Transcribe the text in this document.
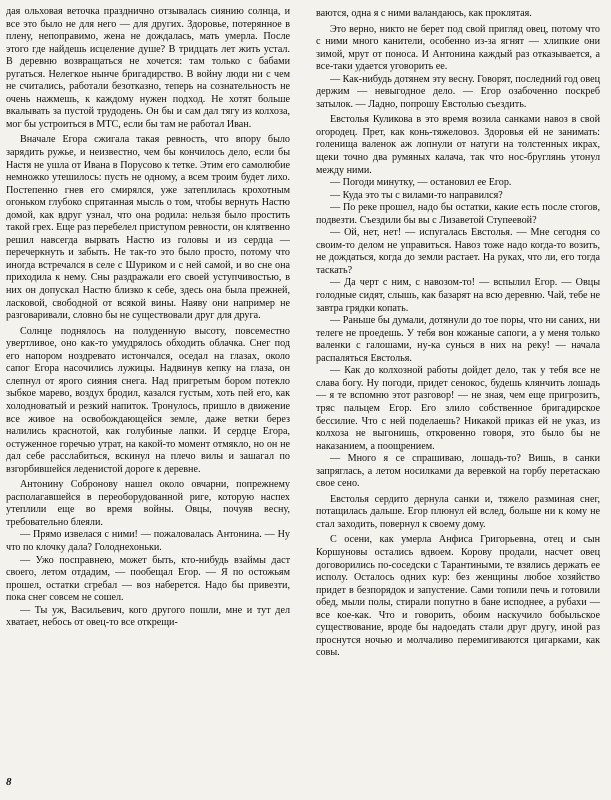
дая ольховая веточка празднично отзывалась сиянию солнца, и все это было не для него — для других. Здоровье, потерянное в плену, непоправимо, жена не дождалась, мать умерла. После этого где найдешь исцеление душе? В тридцать лет жить устал. В деревню возвращаться не хочется: там только с бабами ругаться. Нелегкое нынче бригадирство. В войну люди ни с чем не считались, работали безотказно, теперь на сознательность не очень нажмешь, к каждому нужен подход. Не хотят больше вкалывать за пустой трудодень. Он бы и сам дал тягу из колхоза, мог бы устроиться в МТС, если бы там не работал Иван.

Вначале Егора сжигала такая ревность, что впору было зарядить ружье, и неизвестно, чем бы кончилось дело, если бы Настя не ушла от Ивана в Порусово к тетке. Этим его самолюбие немножко утешилось: пусть не одному, а всем троим будет лихо. Постепенно гнев его смирялся, уже затеплилась крохотным огоньком глубоко спрятанная мысль о том, чтобы вернуть Настю домой, как вдруг узнал, что она родила: нельзя было простить такой грех. Еще раз перебелел приступом ревности, он клятвенно решил навсегда вырвать Настю из головы и из сердца — перечеркнуть и забыть. Не так-то это было просто, потому что иногда встречался в селе с Шуриком и с ней самой, и во сне она приходила к нему. Сны раздражали его своей уступчивостью, в них он допускал Настю близко к себе, здесь она была прежней, ласковой, свободной от всякой вины. Наяву они например не разговаривали, словно бы не существовали друг для друга.

Солнце поднялось на полуденную высоту, повсеместно увертливое, оно как-то умудрялось обходить облачка. Снег под его напором ноздревато истончался, оседал на глазах, около сапог Егора насочились лужицы. Надвинув кепку на глаза, он слепнул от ярого сияния снега. Над пригретым бором потекло зыбкое марево, воздух бродил, казался густым, хоть пей его, как холодноватый и резкий напиток. Тронулось, пришло в движение все живое на освобождающейся земле, даже ветки берез налились краснотой, как голубиные лапки. И сердце Егора, остуженное горечью утрат, на какой-то момент отмякло, но он не дал себе расслабиться, вскинул на плечо вилы и зашагал по взгорбившейся леденистой дороге к деревне.

Антонину Собронову нашел около овчарни, попрежнему располагавшейся в переоборудованной риге, которую наспех утеплили еще во время войны. Овцы, почуяв весну, требовательно блеяли.

— Прямо извелася с ними! — пожаловалась Антонина. — Ну что по клочку дала? Голоднехоньки.

— Ужо посправнею, может быть, кто-нибудь взаймы даст своего, летом отдадим, — пообещал Егор. — Я по остожьям прошел, остатки сгребал — воз наберется. Надо бы привезти, пока снег совсем не сошел.

— Ты уж, Васильевич, кого другого пошли, мне и тут дел хватает, небось от овец-то все открещи-

ваются, одна я с ними валандаюсь, как проклятая.

Это верно, никто не берет под свой пригляд овец, потому что с ними много канители, особенно из-за ягнят — хлипкие они зимой, мрут от поноса. И Антонина каждый раз отказывается, а все-таки удается уговорить ее.

— Как-нибудь дотянем эту весну. Говорят, последний год овец держим — невыгодное дело. — Егор озабоченно поскреб затылок. — Ладно, попрошу Евстолью съездить.

Евстолья Куликова в это время возила санками навоз в свой огородец. Прет, как конь-тяжеловоз. Здоровья ей не занимать: голенища валенок аж лопнули от натуги на толстенных икрах, щеки точно два румяных калача, так что нос-бруглянь утонул между ними.

— Погоди минутку, — остановил ее Егор.

— Куда это ты с вилами-то направился?

— По реке прошел, надо бы остатки, какие есть после стогов, подвезти. Съездили бы вы с Лизаветой Ступеевой?

— Ой, нет, нет! — испугалась Евстолья. — Мне сегодня со своим-то делом не управиться. Навоз тоже надо когда-то возить, не дождаться, когда до земли растает. На руках, что ли, его тогда таскать?

— Да черт с ним, с навозом-то! — вспылил Егор. — Овцы голодные сидят, слышь, как базарят на всю деревню. Чай, тебе не завтра грядки копать.

— Раньше бы думали, дотянули до тое поры, что ни саних, ни телеге не проедешь. У тебя вон кожаные сапоги, а у меня только валенки с галошами, ну-ка сунься в них на реку! — начала распаляться Евстолья.

— Как до колхозной работы дойдет дело, так у тебя все не слава богу. Ну погоди, придет сенокос, будешь клянчить лошадь — я те вспомню этот разговор! — не зная, чем еще пригрозить, тряс пальцем Егор. Его злило собственное бригадирское бессилие. Что с ней поделаешь? Никакой приказ ей не указ, из колхоза не выгонишь, откровенно говоря, это было бы не наказанием, а поощрением.

— Много я се спрашиваю, лошадь-то? Вишь, в санки запряглась, а летом носилками да веревкой на горбу перетаскаю свое сено.

Евстолья сердито дернула санки и, тяжело разминая снег, потащилась дальше. Егор плюнул ей вслед, больше ни к кому не стал заходить, повернул к своему дому.

С осени, как умерла Анфиса Григорьевна, отец и сын Коршуновы остались вдвоем. Корову продали, насчет овец договорились по-соседски с Тарантиными, те взялись держать ее исполу. Осталось одних кур: без женщины любое хозяйство придет в безпорядок и запустение. Сами топили печь и готовили обед, мыли полы, стирали попутно в бане исподнее, а рубахи — все кое-как. Что и говорить, обоим наскучило бобыльское существование, вроде бы надоедать стали друг другу, иной раз проснутся ночью и молчаливо перемигиваются цигарками, как совы.

8
